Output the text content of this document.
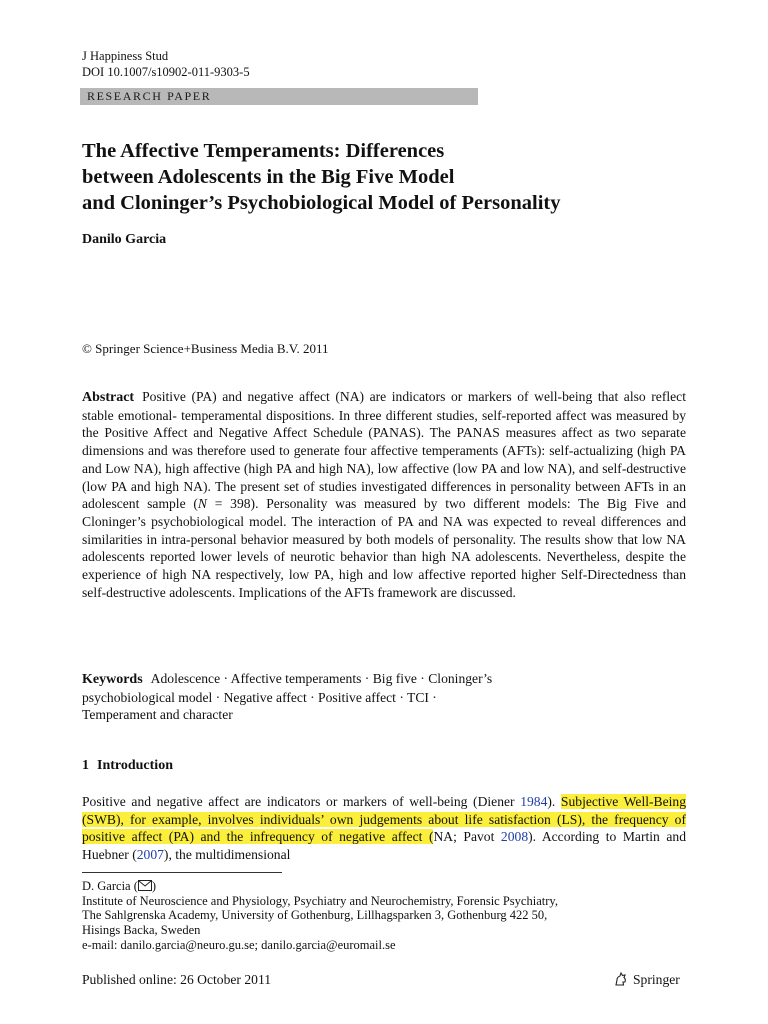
J Happiness Stud
DOI 10.1007/s10902-011-9303-5
RESEARCH PAPER
The Affective Temperaments: Differences
between Adolescents in the Big Five Model
and Cloninger’s Psychobiological Model of Personality
Danilo Garcia
© Springer Science+Business Media B.V. 2011
Abstract Positive (PA) and negative affect (NA) are indicators or markers of well-being that also reflect stable emotional- temperamental dispositions. In three different studies, self-reported affect was measured by the Positive Affect and Negative Affect Schedule (PANAS). The PANAS measures affect as two separate dimensions and was therefore used to generate four affective temperaments (AFTs): self-actualizing (high PA and Low NA), high affective (high PA and high NA), low affective (low PA and low NA), and self-destructive (low PA and high NA). The present set of studies investigated differences in personality between AFTs in an adolescent sample (N = 398). Personality was measured by two different models: The Big Five and Cloninger’s psychobiological model. The interaction of PA and NA was expected to reveal differences and similarities in intra-personal behavior measured by both models of personality. The results show that low NA adolescents reported lower levels of neurotic behavior than high NA adolescents. Nevertheless, despite the experience of high NA respectively, low PA, high and low affective reported higher Self-Directedness than self-destructive adolescents. Implications of the AFTs framework are discussed.
Keywords Adolescence · Affective temperaments · Big five · Cloninger’s
psychobiological model · Negative affect · Positive affect · TCI ·
Temperament and character
1 Introduction
Positive and negative affect are indicators or markers of well-being (Diener 1984). Subjective Well-Being (SWB), for example, involves individuals’ own judgements about life satisfaction (LS), the frequency of positive affect (PA) and the infrequency of negative affect (NA; Pavot 2008). According to Martin and Huebner (2007), the multidimensional
D. Garcia ( )
Institute of Neuroscience and Physiology, Psychiatry and Neurochemistry, Forensic Psychiatry,
The Sahlgrenska Academy, University of Gothenburg, Lillhagsparken 3, Gothenburg 422 50,
Hisings Backa, Sweden
e-mail: danilo.garcia@neuro.gu.se; danilo.garcia@euromail.se
Published online: 26 October 2011	Springer
